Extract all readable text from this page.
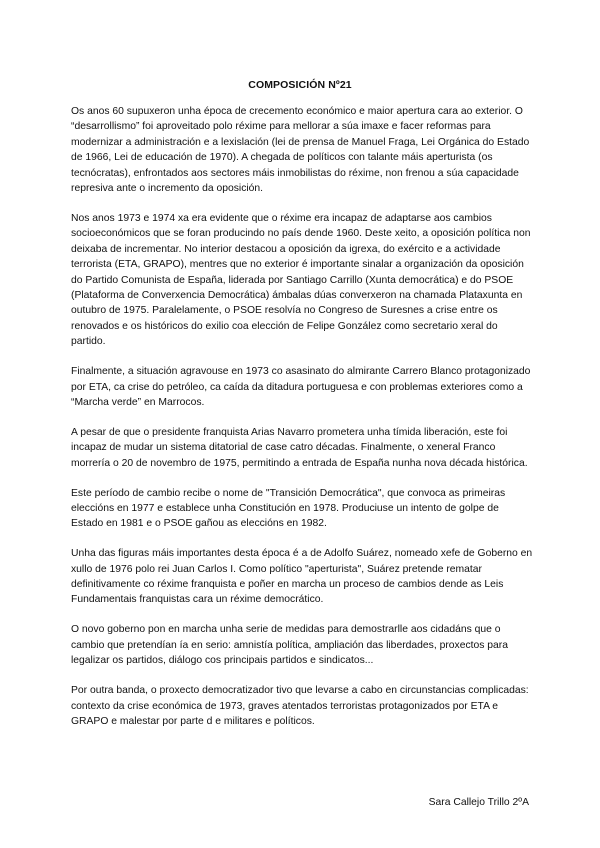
COMPOSICIÓN Nº21

Os anos 60 supuxeron unha época de crecemento económico e maior apertura cara ao exterior. O “desarrollismo” foi aproveitado polo réxime para mellorar a súa imaxe e facer reformas para modernizar a administración e a lexislación (lei de prensa de Manuel Fraga, Lei Orgánica do Estado de 1966, Lei de educación de 1970). A chegada de políticos con talante máis aperturista (os tecnócratas), enfrontados aos sectores máis inmobilistas do réxime, non frenou a súa capacidade represiva ante o incremento da oposición.

Nos anos 1973 e 1974 xa era evidente que o réxime era incapaz de adaptarse aos cambios socioeconómicos que se foran producindo no país dende 1960. Deste xeito, a oposición política non deixaba de incrementar. No interior destacou a oposición da igrexa, do exército e a actividade terrorista (ETA, GRAPO), mentres que no exterior é importante sinalar a organización da oposición do Partido Comunista de España, liderada por Santiago Carrillo (Xunta democrática) e do PSOE (Plataforma de Converxencia Democrática) ámbalas dúas converxeron na chamada Plataxunta en outubro de 1975. Paralelamente, o PSOE resolvía no Congreso de Suresnes a crise entre os renovados e os históricos do exilio coa elección de Felipe González como secretario xeral do partido.

Finalmente, a situación agravouse en 1973 co asasinato do almirante Carrero Blanco protagonizado por ETA, ca crise do petróleo, ca caída da ditadura portuguesa e con problemas exteriores como a “Marcha verde” en Marrocos.

A pesar de que o presidente franquista Arias Navarro prometera unha tímida liberación, este foi incapaz de mudar un sistema ditatorial de case catro décadas. Finalmente, o xeneral Franco morrería o 20 de novembro de 1975, permitindo a entrada de España nunha nova década histórica.

Este período de cambio recibe o nome de "Transición Democrática", que convoca as primeiras eleccións en 1977 e establece unha Constitución en 1978. Produciuse un intento de golpe de Estado en 1981 e o PSOE gañou as eleccións en 1982.

Unha das figuras máis importantes desta época é a de Adolfo Suárez, nomeado xefe de Goberno en xullo de 1976 polo rei Juan Carlos I. Como político "aperturista", Suárez pretende rematar definitivamente co réxime franquista e poñer en marcha un proceso de cambios dende as Leis Fundamentais franquistas cara un réxime democrático.

O novo goberno pon en marcha unha serie de medidas para demostrarlle aos cidadáns que o cambio que pretendían ía en serio: amnistía política, ampliación das liberdades, proxectos para legalizar os partidos, diálogo cos principais partidos e sindicatos...

Por outra banda, o proxecto democratizador tivo que levarse a cabo en circunstancias complicadas: contexto da crise económica de 1973, graves atentados terroristas protagonizados por ETA e GRAPO e malestar por parte d e militares e políticos.

Sara Callejo Trillo 2ºA
